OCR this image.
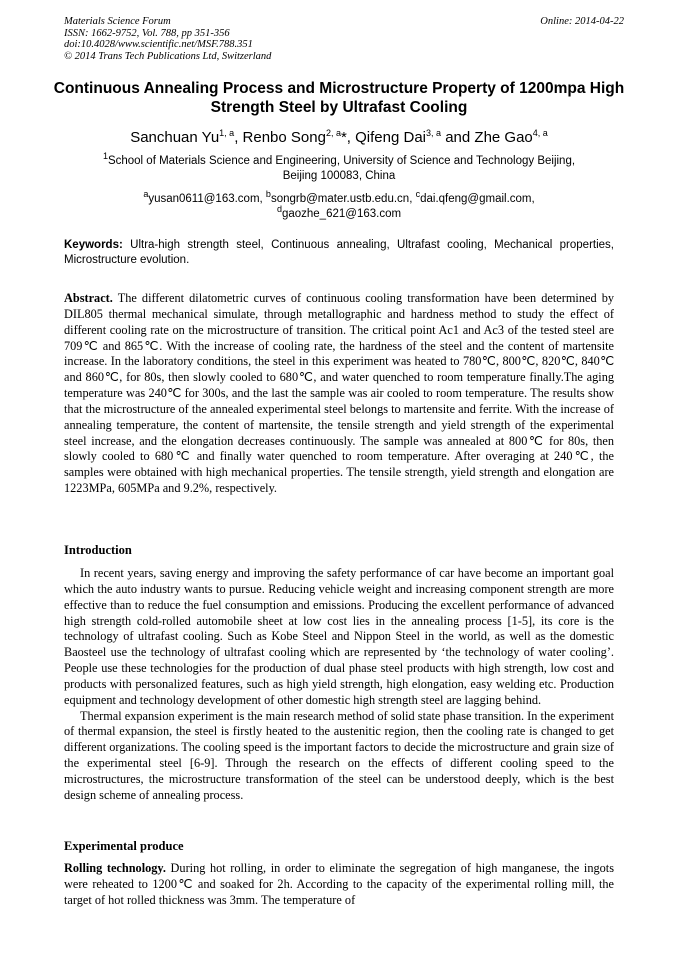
Materials Science Forum
ISSN: 1662-9752, Vol. 788, pp 351-356
doi:10.4028/www.scientific.net/MSF.788.351
© 2014 Trans Tech Publications Ltd, Switzerland
Online: 2014-04-22
Continuous Annealing Process and Microstructure Property of 1200mpa High Strength Steel by Ultrafast Cooling
Sanchuan Yu$^{1, a}$, Renbo Song$^{2, a}$*, Qifeng Dai$^{3, a}$ and Zhe Gao$^{4, a}$
$^1$School of Materials Science and Engineering, University of Science and Technology Beijing,
Beijing 100083, China
$^a$yusan0611@163.com, $^b$songrb@mater.ustb.edu.cn, $^c$dai.qfeng@gmail.com,
$^d$gaozhe_621@163.com
Keywords: Ultra-high strength steel, Continuous annealing, Ultrafast cooling, Mechanical properties, Microstructure evolution.
Abstract. The different dilatometric curves of continuous cooling transformation have been determined by DIL805 thermal mechanical simulate, through metallographic and hardness method to study the effect of different cooling rate on the microstructure of transition. The critical point Ac1 and Ac3 of the tested steel are 709℃ and 865℃. With the increase of cooling rate, the hardness of the steel and the content of martensite increase. In the laboratory conditions, the steel in this experiment was heated to 780℃, 800℃, 820℃, 840℃ and 860℃, for 80s, then slowly cooled to 680℃, and water quenched to room temperature finally.The aging temperature was 240℃ for 300s, and the last the sample was air cooled to room temperature. The results show that the microstructure of the annealed experimental steel belongs to martensite and ferrite. With the increase of annealing temperature, the content of martensite, the tensile strength and yield strength of the experimental steel increase, and the elongation decreases continuously. The sample was annealed at 800℃ for 80s, then slowly cooled to 680℃ and finally water quenched to room temperature. After overaging at 240℃, the samples were obtained with high mechanical properties. The tensile strength, yield strength and elongation are 1223MPa, 605MPa and 9.2%, respectively.
Introduction

In recent years, saving energy and improving the safety performance of car have become an important goal which the auto industry wants to pursue. Reducing vehicle weight and increasing component strength are more effective than to reduce the fuel consumption and emissions. Producing the excellent performance of advanced high strength cold-rolled automobile sheet at low cost lies in the annealing process [1-5], its core is the technology of ultrafast cooling. Such as Kobe Steel and Nippon Steel in the world, as well as the domestic Baosteel use the technology of ultrafast cooling which are represented by ‘the technology of water cooling’. People use these technologies for the production of dual phase steel products with high strength, low cost and products with personalized features, such as high yield strength, high elongation, easy welding etc. Production equipment and technology development of other domestic high strength steel are lagging behind.

Thermal expansion experiment is the main research method of solid state phase transition. In the experiment of thermal expansion, the steel is firstly heated to the austenitic region, then the cooling rate is changed to get different organizations. The cooling speed is the important factors to decide the microstructure and grain size of the experimental steel [6-9]. Through the research on the effects of different cooling speed to the microstructures, the microstructure transformation of the steel can be understood deeply, which is the best design scheme of annealing process.

Experimental produce
Rolling technology. During hot rolling, in order to eliminate the segregation of high manganese, the ingots were reheated to 1200℃ and soaked for 2h. According to the capacity of the experimental rolling mill, the target of hot rolled thickness was 3mm. The temperature of
